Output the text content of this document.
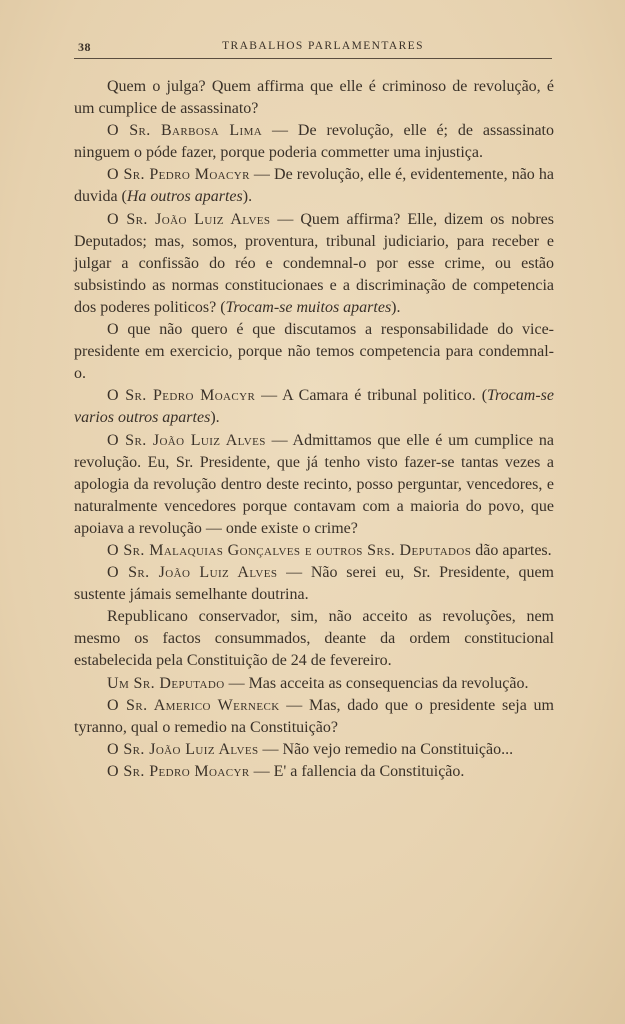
38	TRABALHOS PARLAMENTARES

Quem o julga? Quem affirma que elle é criminoso de revolução, é um cumplice de assassinato?

O Sr. Barbosa Lima — De revolução, elle é; de assassinato ninguem o póde fazer, porque poderia commetter uma injustiça.

O Sr. Pedro Moacyr — De revolução, elle é, evidentemente, não ha duvida (Ha outros apartes).

O Sr. João Luiz Alves — Quem affirma? Elle, dizem os nobres Deputados; mas, somos, proventura, tribunal judiciario, para receber e julgar a confissão do réo e condemnal-o por esse crime, ou estão subsistindo as normas constitucionaes e a discriminação de competencia dos poderes politicos? (Trocam-se muitos apartes).

O que não quero é que discutamos a responsabilidade do vice-presidente em exercicio, porque não temos competencia para condemnal-o.

O Sr. Pedro Moacyr — A Camara é tribunal politico. (Trocam-se varios outros apartes).

O Sr. João Luiz Alves — Admittamos que elle é um cumplice na revolução. Eu, Sr. Presidente, que já tenho visto fazer-se tantas vezes a apologia da revolução dentro deste recinto, posso perguntar, vencedores, e naturalmente vencedores porque contavam com a maioria do povo, que apoiava a revolução — onde existe o crime?

O Sr. Malaquias Gonçalves e outros Srs. Deputados dão apartes.

O Sr. João Luiz Alves — Não serei eu, Sr. Presidente, quem sustente jámais semelhante doutrina.

Republicano conservador, sim, não acceito as revoluções, nem mesmo os factos consummados, deante da ordem constitucional estabelecida pela Constituição de 24 de fevereiro.

Um Sr. Deputado — Mas acceita as consequencias da revolução.

O Sr. Americo Werneck — Mas, dado que o presidente seja um tyranno, qual o remedio na Constituição?

O Sr. João Luiz Alves — Não vejo remedio na Constituição...

O Sr. Pedro Moacyr — E' a fallencia da Constituição.
